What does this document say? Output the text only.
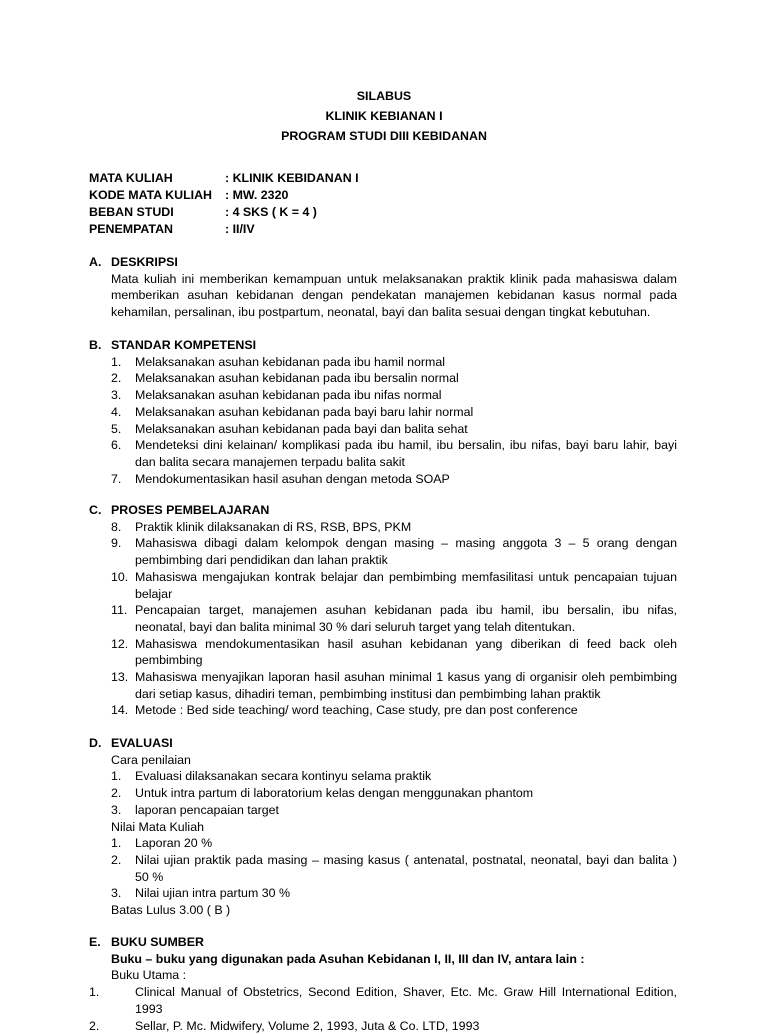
SILABUS
KLINIK KEBIANAN I
PROGRAM STUDI DIII KEBIDANAN
MATA KULIAH	: KLINIK KEBIDANAN I
KODE MATA KULIAH	: MW. 2320
BEBAN STUDI	: 4 SKS ( K = 4 )
PENEMPATAN	: II/IV
A. DESKRIPSI
Mata kuliah ini memberikan kemampuan untuk melaksanakan praktik klinik pada mahasiswa dalam memberikan asuhan kebidanan dengan pendekatan manajemen kebidanan kasus normal pada kehamilan, persalinan, ibu postpartum, neonatal, bayi dan balita sesuai dengan tingkat kebutuhan.
B. STANDAR KOMPETENSI
1.	Melaksanakan asuhan kebidanan pada ibu hamil normal
2.	Melaksanakan asuhan kebidanan pada ibu bersalin normal
3.	Melaksanakan asuhan kebidanan pada ibu nifas normal
4.	Melaksanakan asuhan kebidanan pada bayi baru lahir normal
5.	Melaksanakan asuhan kebidanan pada bayi dan balita sehat
6.	Mendeteksi dini kelainan/ komplikasi pada ibu hamil, ibu bersalin, ibu nifas, bayi baru lahir, bayi dan balita secara manajemen terpadu balita sakit
7.	Mendokumentasikan hasil asuhan dengan metoda SOAP
C. PROSES PEMBELAJARAN
8.	Praktik klinik dilaksanakan di RS, RSB, BPS, PKM
9.	Mahasiswa dibagi dalam kelompok dengan masing – masing anggota 3 – 5 orang dengan pembimbing dari pendidikan dan lahan praktik
10. Mahasiswa mengajukan kontrak belajar dan pembimbing memfasilitasi untuk pencapaian tujuan belajar
11. Pencapaian target, manajemen asuhan kebidanan pada ibu hamil, ibu bersalin, ibu nifas, neonatal, bayi dan balita minimal 30 % dari seluruh target yang telah ditentukan.
12. Mahasiswa mendokumentasikan hasil asuhan kebidanan yang diberikan di feed back oleh pembimbing
13. Mahasiswa menyajikan laporan hasil asuhan minimal 1 kasus yang di organisir oleh pembimbing dari setiap kasus, dihadiri teman, pembimbing institusi dan pembimbing lahan praktik
14. Metode : Bed side teaching/ word teaching, Case study, pre dan post conference
D. EVALUASI
Cara penilaian
1.	Evaluasi dilaksanakan secara kontinyu selama praktik
2.	Untuk intra partum di laboratorium kelas dengan menggunakan phantom
3.	laporan pencapaian target
Nilai Mata Kuliah
1.	Laporan 20 %
2.	Nilai ujian praktik pada masing – masing kasus ( antenatal, postnatal, neonatal, bayi dan balita ) 50 %
3.	Nilai ujian intra partum 30 %
Batas Lulus 3.00 ( B )
E. BUKU SUMBER
Buku – buku yang digunakan pada Asuhan Kebidanan I, II, III dan IV, antara lain :
Buku Utama :
1.	Clinical Manual of Obstetrics, Second Edition, Shaver, Etc. Mc. Graw Hill International Edition, 1993
2.	Sellar, P. Mc. Midwifery, Volume 2, 1993, Juta & Co. LTD, 1993
